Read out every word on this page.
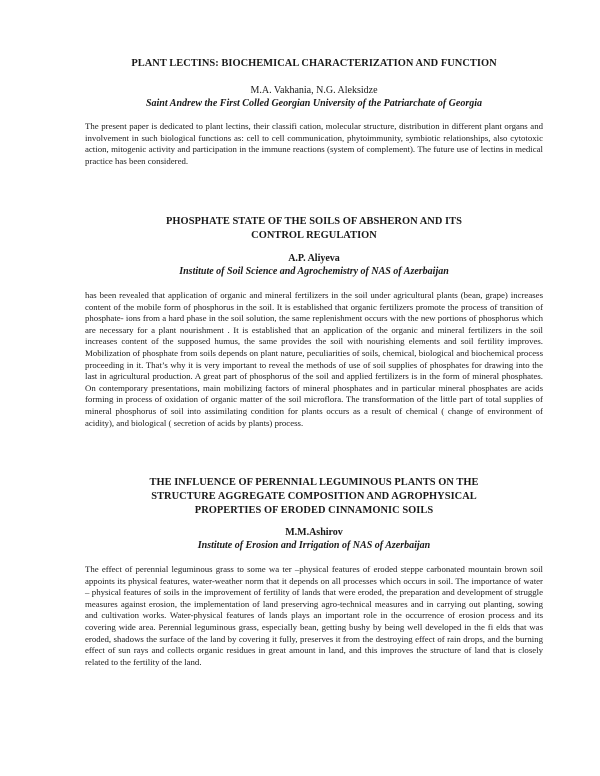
PLANT LECTINS: BIOCHEMICAL CHARACTERIZATION AND FUNCTION

M.A. Vakhania, N.G. Aleksidze

Saint Andrew the First Colled Georgian University of the Patriarchate of Georgia

The present paper is dedicated to plant lectins, their classifi cation, molecular structure, distribution in different plant organs and involvement in such biological functions as: cell to cell communication, phytoimmunity, symbiotic relationships, also cytotoxic action, mitogenic activity and participation in the immune reactions (system of complement). The future use of lectins in medical practice has been considered.

PHOSPHATE STATE OF THE SOILS OF ABSHERON AND ITS

CONTROL REGULATION

A.P. Aliyeva

Institute of Soil Science and Agrochemistry of NAS of Azerbaijan

has been revealed that application of organic and mineral fertilizers in the soil under agricultural plants (bean, grape) increases content of the mobile form of phosphorus in the soil. It is established that organic fertilizers promote the process of transition of phosphate- ions from a hard phase in the soil solution, the same replenishment occurs with the new portions of phosphorus which are necessary for a plant nourishment . It is established that an application of the organic and mineral fertilizers in the soil increases content of the supposed humus, the same provides the soil with nourishing elements and soil fertility improves. Mobilization of phosphate from soils depends on plant nature, peculiarities of soils, chemical, biological and biochemical process proceeding in it. That’s why it is very important to reveal the methods of use of soil supplies of phosphates for drawing into the last in agricultural production. A great part of phosphorus of the soil and applied fertilizers is in the form of mineral phosphates. On contemporary presentations, main mobilizing factors of mineral phosphates and in particular mineral phosphates are acids forming in process of oxidation of organic matter of the soil microflora. The transformation of the little part of total supplies of mineral phosphorus of soil into assimilating condition for plants occurs as a result of chemical ( change of environment of acidity), and biological ( secretion of acids by plants) process.

THE INFLUENCE OF PERENNIAL LEGUMINOUS PLANTS ON THE

STRUCTURE AGGREGATE COMPOSITION AND AGROPHYSICAL

PROPERTIES OF ERODED CINNAMONIC SOILS

M.M.Ashirov

Institute of Erosion and Irrigation of NAS of Azerbaijan

The effect of perennial leguminous grass to some wa ter –physical features of eroded steppe carbonated mountain brown soil appoints its physical features, water-weather norm that it depends on all processes which occurs in soil. The importance of water – physical features of soils in the improvement of fertility of lands that were eroded, the preparation and development of struggle measures against erosion, the implementation of land preserving agro-technical measures and in carrying out planting, sowing and cultivation works. Water-physical features of lands plays an important role in the occurrence of erosion process and its covering wide area. Perennial leguminous grass, especially bean, getting bushy by being well developed in the fi elds that was eroded, shadows the surface of the land by covering it fully, preserves it from the destroying effect of rain drops, and the burning effect of sun rays and collects organic residues in great amount in land, and this improves the structure of land that is closely related to the fertility of the land.
